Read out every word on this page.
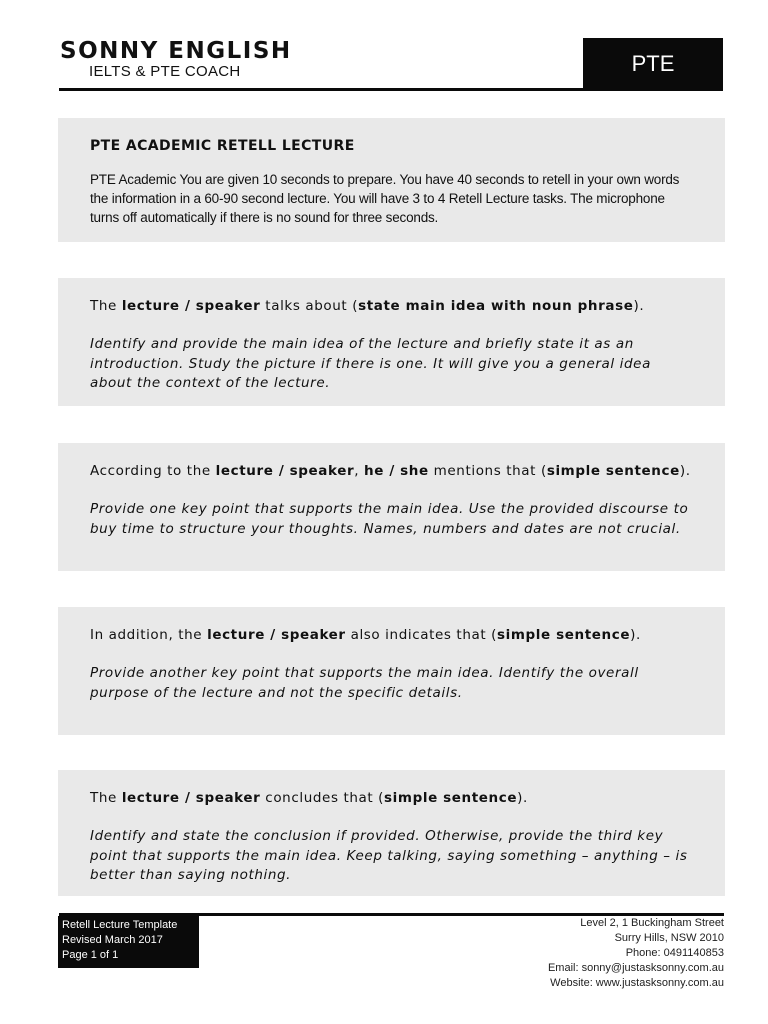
SONNY ENGLISH
IELTS & PTE COACH	PTE
PTE ACADEMIC RETELL LECTURE
PTE Academic You are given 10 seconds to prepare. You have 40 seconds to retell in your own words the information in a 60-90 second lecture. You will have 3 to 4 Retell Lecture tasks. The microphone turns off automatically if there is no sound for three seconds.
The lecture / speaker talks about (state main idea with noun phrase).
Identify and provide the main idea of the lecture and briefly state it as an introduction. Study the picture if there is one. It will give you a general idea about the context of the lecture.
According to the lecture / speaker, he / she mentions that (simple sentence).
Provide one key point that supports the main idea. Use the provided discourse to buy time to structure your thoughts. Names, numbers and dates are not crucial.
In addition, the lecture / speaker also indicates that (simple sentence).
Provide another key point that supports the main idea. Identify the overall purpose of the lecture and not the specific details.
The lecture / speaker concludes that (simple sentence).
Identify and state the conclusion if provided. Otherwise, provide the third key point that supports the main idea. Keep talking, saying something – anything – is better than saying nothing.
Retell Lecture Template
Revised March 2017
Page 1 of 1
Level 2, 1 Buckingham Street
Surry Hills, NSW 2010
Phone: 0491140853
Email: sonny@justasksonny.com.au
Website: www.justasksonny.com.au
